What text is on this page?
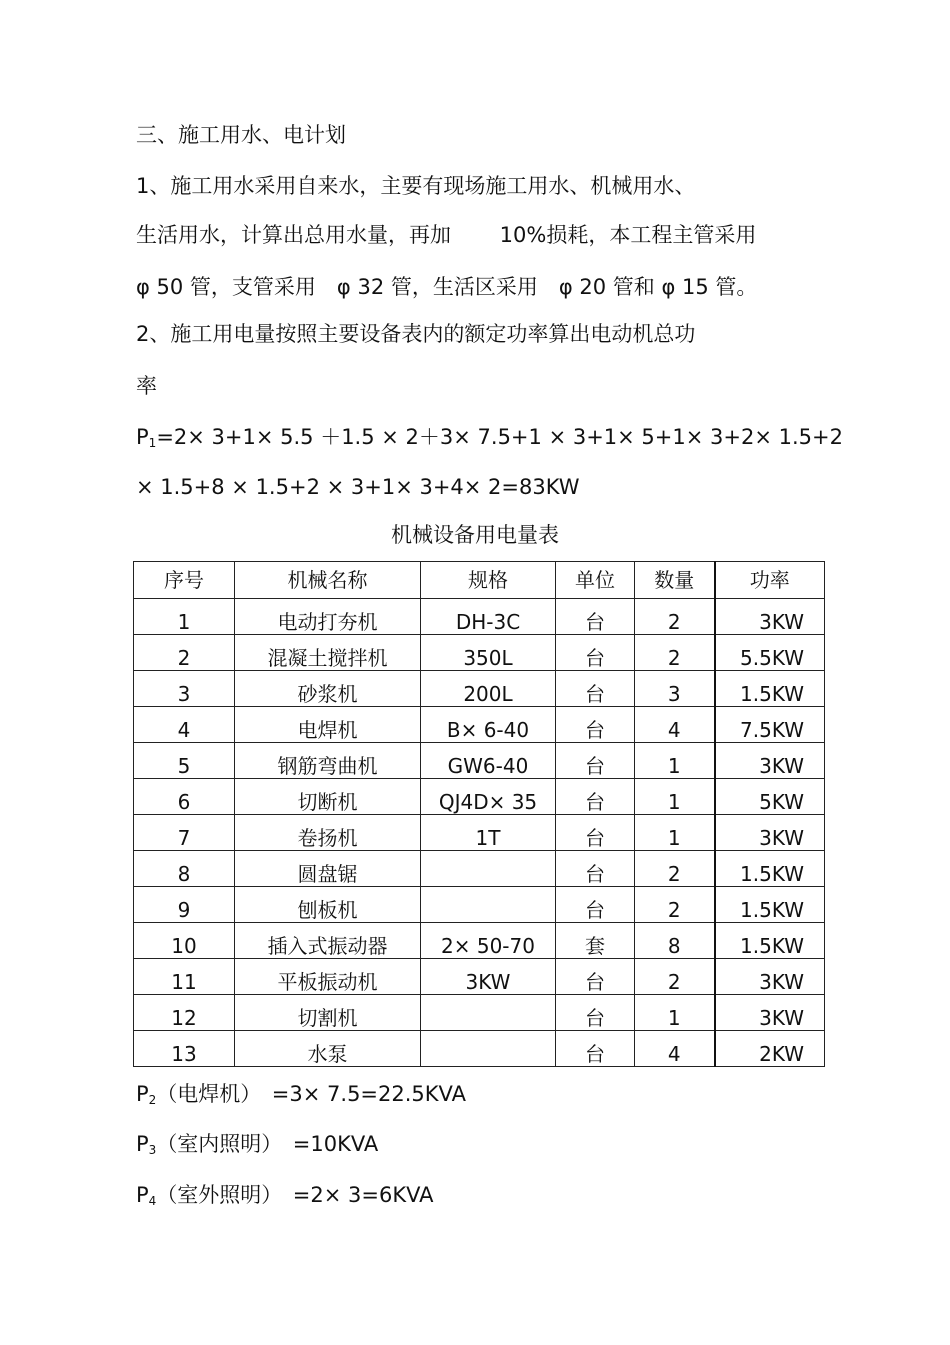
三、施工用水、电计划
1、施工用水采用自来水，主要有现场施工用水、机械用水、
生活用水，计算出总用水量，再加　　 10%损耗，本工程主管采用
φ 50 管，支管采用　φ 32 管，生活区采用　φ 20 管和 φ 15 管。
2、施工用电量按照主要设备表内的额定功率算出电动机总功
率
$P_1=2\times 3+1\times 5.5 +1.5 \times 2+3\times 7.5+1 \times 3+1\times 5+1\times 3+2\times 1.5+2$
× 1.5+8 × 1.5+2 × 3+1× 3+4× 2=83KW
机械设备用电量表
序号	机械名称	规格	单位	数量	功率
1	电动打夯机	DH-3C	台	2	3KW
2	混凝土搅拌机	350L	台	2	5.5KW
3	砂浆机	200L	台	3	1.5KW
4	电焊机	B× 6-40	台	4	7.5KW
5	钢筋弯曲机	GW6-40	台	1	3KW
6	切断机	QJ4D× 35	台	1	5KW
7	卷扬机	1T	台	1	3KW
8	圆盘锯		台	2	1.5KW
9	刨板机		台	2	1.5KW
10	插入式振动器	2× 50-70	套	8	1.5KW
11	平板振动机	3KW	台	2	3KW
12	切割机		台	1	3KW
13	水泵		台	4	2KW
$P_2$（电焊机）　=3× 7.5=22.5KVA
$P_3$（室内照明）　=10KVA
$P_4$（室外照明）　=2× 3=6KVA
